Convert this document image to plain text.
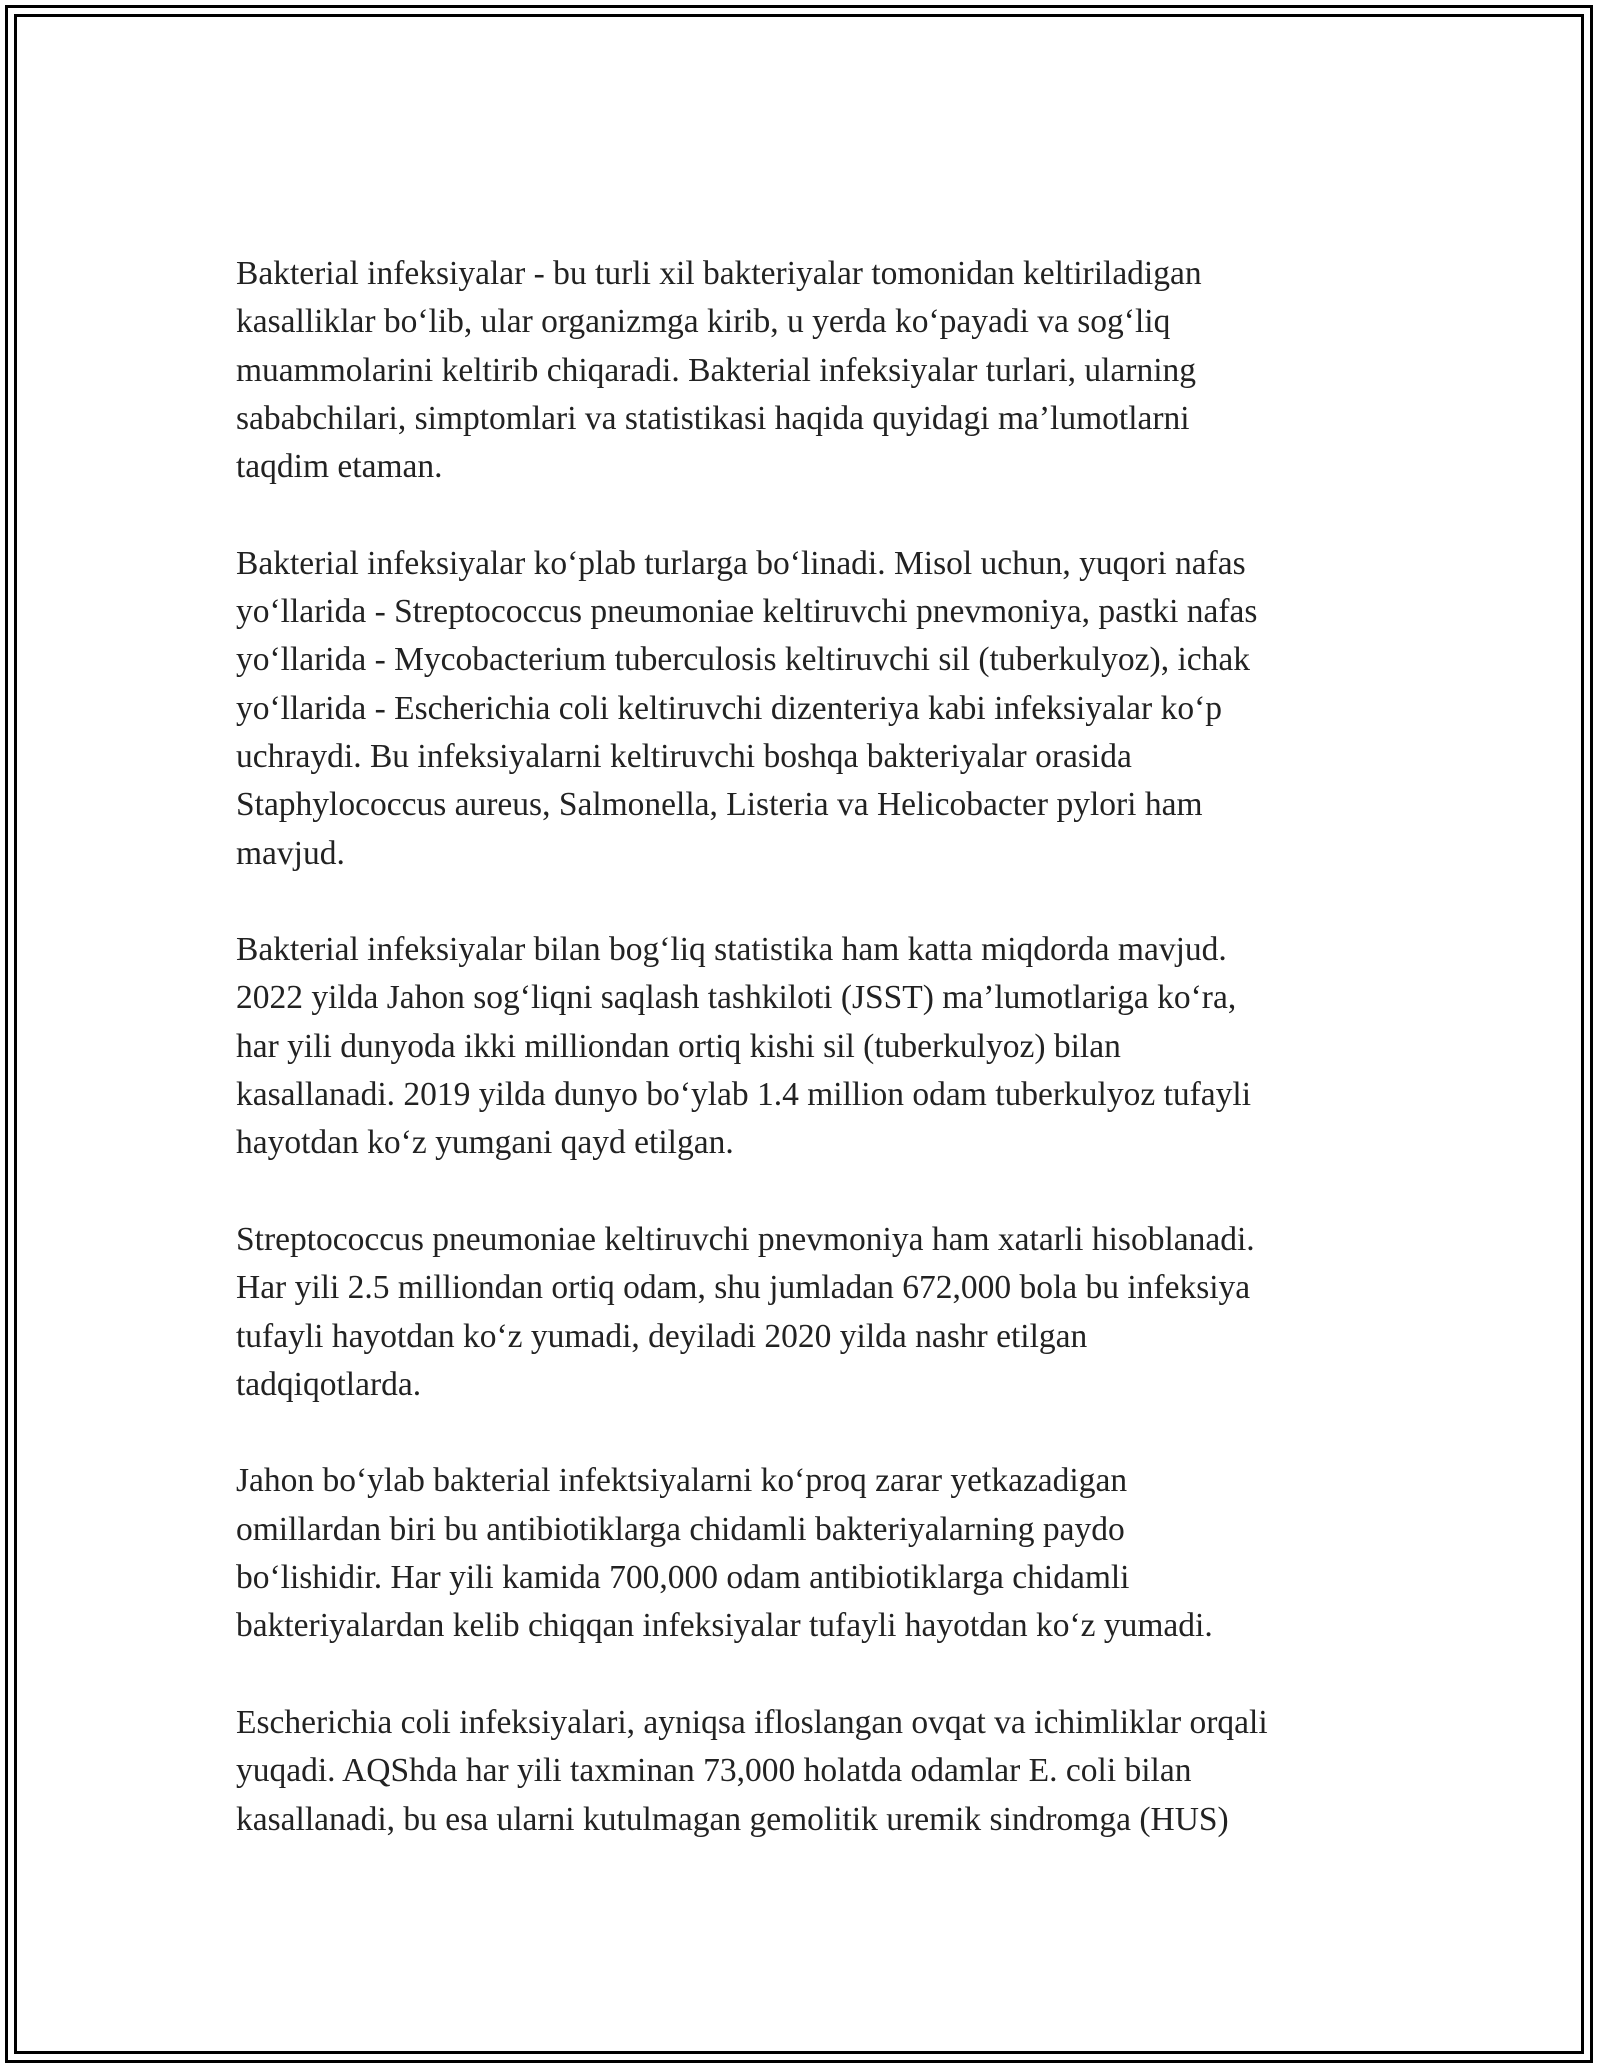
Bakterial infeksiyalar - bu turli xil bakteriyalar tomonidan keltiriladigan
kasalliklar bo‘lib, ular organizmga kirib, u yerda ko‘payadi va sog‘liq
muammolarini keltirib chiqaradi. Bakterial infeksiyalar turlari, ularning
sababchilari, simptomlari va statistikasi haqida quyidagi ma’lumotlarni
taqdim etaman.

Bakterial infeksiyalar ko‘plab turlarga bo‘linadi. Misol uchun, yuqori nafas
yo‘llarida - Streptococcus pneumoniae keltiruvchi pnevmoniya, pastki nafas
yo‘llarida - Mycobacterium tuberculosis keltiruvchi sil (tuberkulyoz), ichak
yo‘llarida - Escherichia coli keltiruvchi dizenteriya kabi infeksiyalar ko‘p
uchraydi. Bu infeksiyalarni keltiruvchi boshqa bakteriyalar orasida
Staphylococcus aureus, Salmonella, Listeria va Helicobacter pylori ham
mavjud.

Bakterial infeksiyalar bilan bog‘liq statistika ham katta miqdorda mavjud.
2022 yilda Jahon sog‘liqni saqlash tashkiloti (JSST) ma’lumotlariga ko‘ra,
har yili dunyoda ikki milliondan ortiq kishi sil (tuberkulyoz) bilan
kasallanadi. 2019 yilda dunyo bo‘ylab 1.4 million odam tuberkulyoz tufayli
hayotdan ko‘z yumgani qayd etilgan.

Streptococcus pneumoniae keltiruvchi pnevmoniya ham xatarli hisoblanadi.
Har yili 2.5 milliondan ortiq odam, shu jumladan 672,000 bola bu infeksiya
tufayli hayotdan ko‘z yumadi, deyiladi 2020 yilda nashr etilgan
tadqiqotlarda.

Jahon bo‘ylab bakterial infektsiyalarni ko‘proq zarar yetkazadigan
omillardan biri bu antibiotiklarga chidamli bakteriyalarning paydo
bo‘lishidir. Har yili kamida 700,000 odam antibiotiklarga chidamli
bakteriyalardan kelib chiqqan infeksiyalar tufayli hayotdan ko‘z yumadi.

Escherichia coli infeksiyalari, ayniqsa ifloslangan ovqat va ichimliklar orqali
yuqadi. AQShda har yili taxminan 73,000 holatda odamlar E. coli bilan
kasallanadi, bu esa ularni kutulmagan gemolitik uremik sindromga (HUS)
